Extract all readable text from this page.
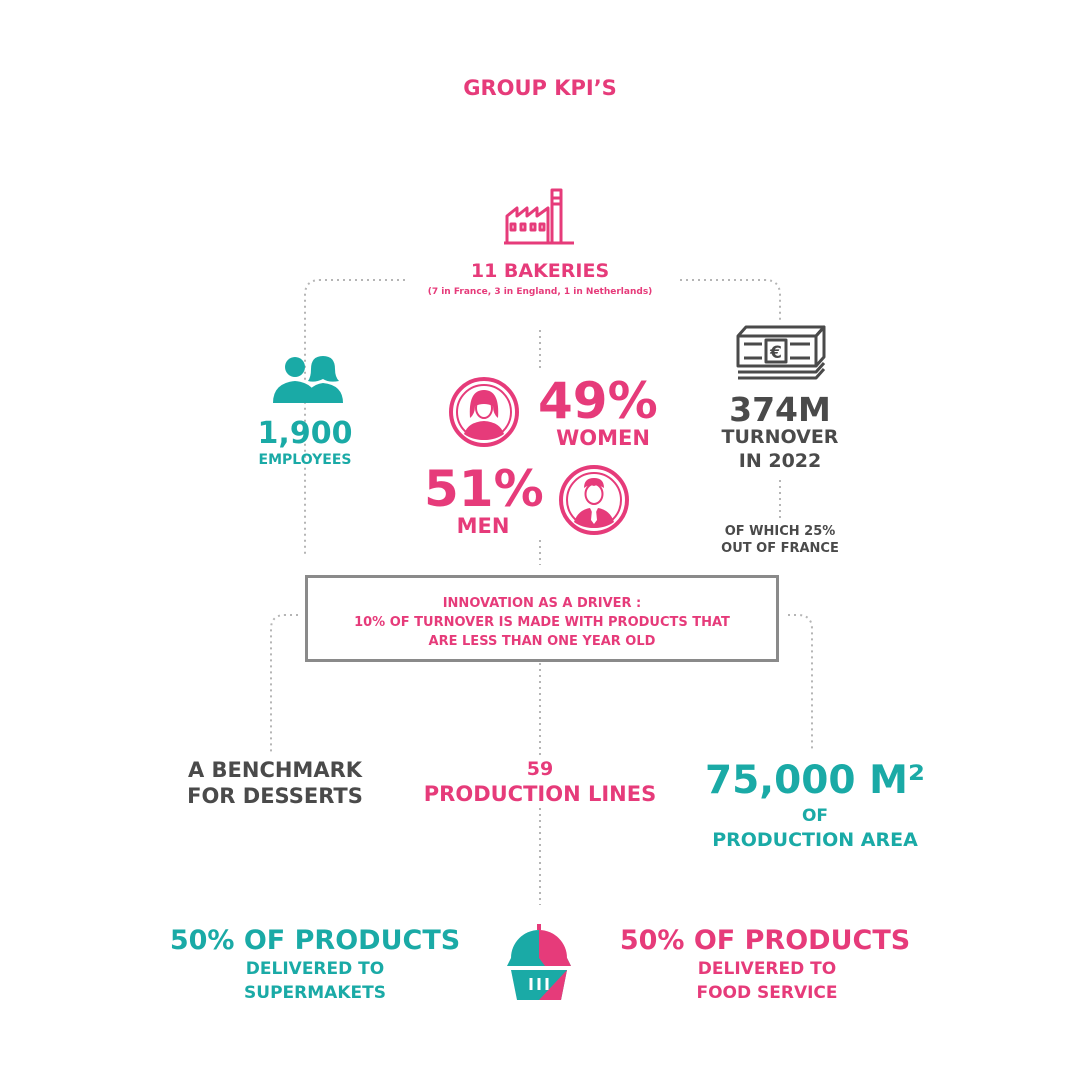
GROUP KPI’S
11 BAKERIES
(7 in France, 3 in England, 1 in Netherlands)
1,900
EMPLOYEES
49%
WOMEN
51%
MEN
€
374M
TURNOVER
IN 2022
OF WHICH 25%
OUT OF FRANCE
INNOVATION AS A DRIVER :
10% OF TURNOVER IS MADE WITH PRODUCTS THAT
ARE LESS THAN ONE YEAR OLD
A BENCHMARK
FOR DESSERTS
59
PRODUCTION LINES	75,000 M²
OF
PRODUCTION AREA
50% OF PRODUCTS
DELIVERED TO
SUPERMAKETS
50% OF PRODUCTS
DELIVERED TO
FOOD SERVICE
